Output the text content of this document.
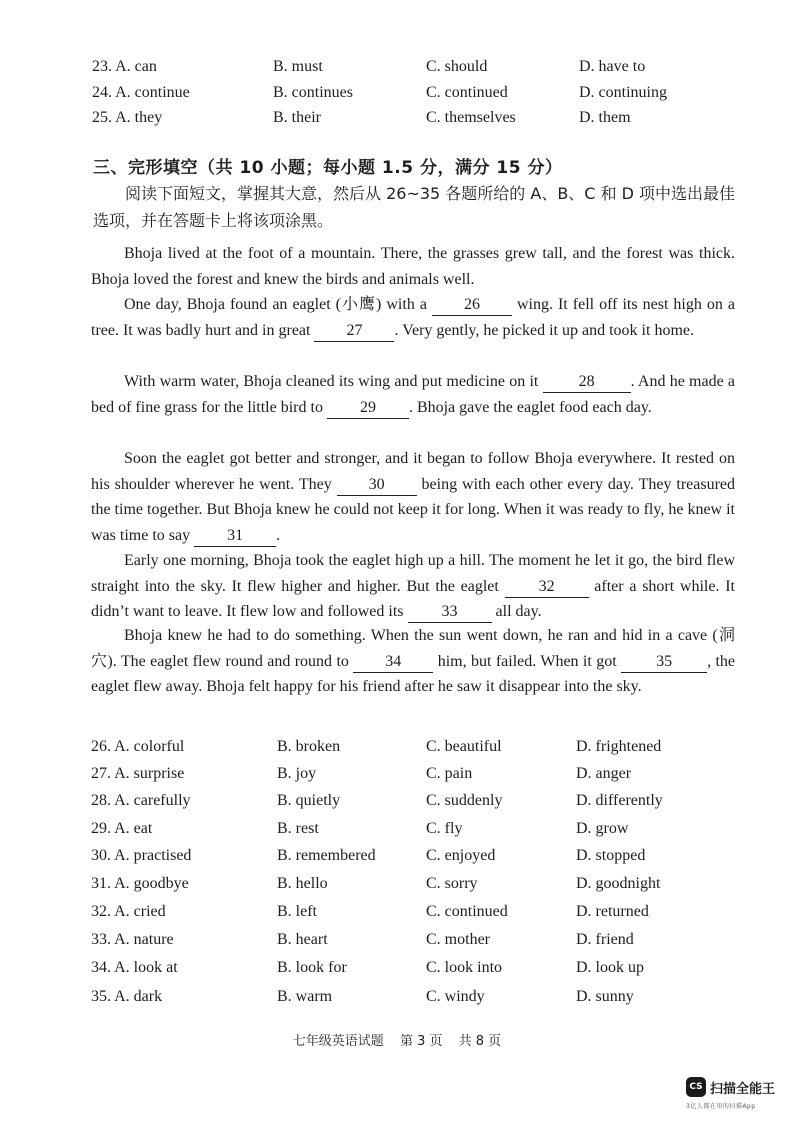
23. A. can	B. must	C. should	D. have to
24. A. continue	B. continues	C. continued	D. continuing
25. A. they	B. their	C. themselves	D. them
三、完形填空（共 10 小题；每小题 1.5 分，满分 15 分）
阅读下面短文，掌握其大意，然后从 26~35 各题所给的 A、B、C 和 D 项中选出最佳选项，并在答题卡上将该项涂黑。
Bhoja lived at the foot of a mountain. There, the grasses grew tall, and the forest was thick. Bhoja loved the forest and knew the birds and animals well.
One day, Bhoja found an eaglet (小鹰) with a 26 wing. It fell off its nest high on a tree. It was badly hurt and in great 27 . Very gently, he picked it up and took it home.
With warm water, Bhoja cleaned its wing and put medicine on it 28 . And he made a bed of fine grass for the little bird to 29 . Bhoja gave the eaglet food each day.
Soon the eaglet got better and stronger, and it began to follow Bhoja everywhere. It rested on his shoulder wherever he went. They 30 being with each other every day. They treasured the time together. But Bhoja knew he could not keep it for long. When it was ready to fly, he knew it was time to say 31 .
Early one morning, Bhoja took the eaglet high up a hill. The moment he let it go, the bird flew straight into the sky. It flew higher and higher. But the eaglet 32 after a short while. It didn’t want to leave. It flew low and followed its 33 all day.
Bhoja knew he had to do something. When the sun went down, he ran and hid in a cave (洞穴). The eaglet flew round and round to 34 him, but failed. When it got 35 , the eaglet flew away. Bhoja felt happy for his friend after he saw it disappear into the sky.
26. A. colorful	B. broken	C. beautiful	D. frightened
27. A. surprise	B. joy	C. pain	D. anger
28. A. carefully	B. quietly	C. suddenly	D. differently
29. A. eat	B. rest	C. fly	D. grow
30. A. practised	B. remembered	C. enjoyed	D. stopped
31. A. goodbye	B. hello	C. sorry	D. goodnight
32. A. cried	B. left	C. continued	D. returned
33. A. nature	B. heart	C. mother	D. friend
34. A. look at	B. look for	C. look into	D. look up
35. A. dark	B. warm	C. windy	D. sunny
七年级英语试题 第 3 页 共 8 页
CS 扫描全能王
3亿人都在用的扫描App
